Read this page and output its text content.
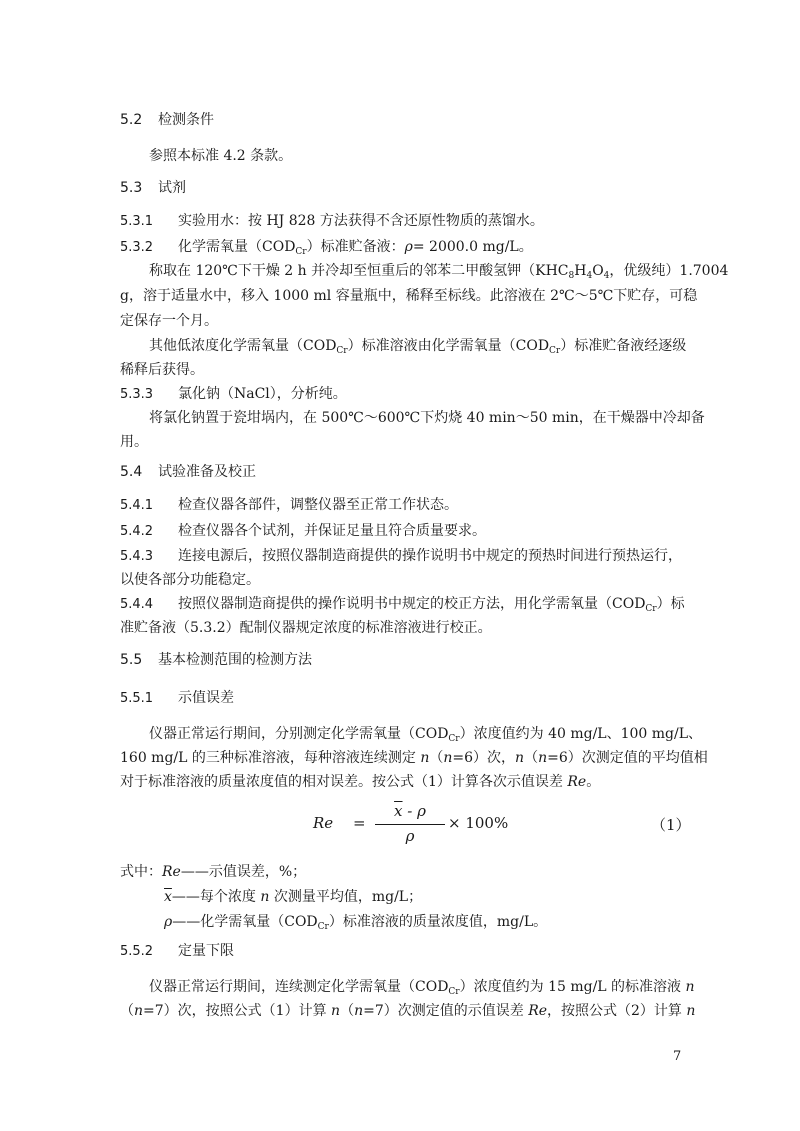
5.2 检测条件
参照本标准 4.2 条款。
5.3 试剂
5.3.1 实验用水：按 HJ 828 方法获得不含还原性物质的蒸馏水。
5.3.2 化学需氧量$(COD_{Cr})$标准贮备液：ρ= 2000.0 mg/L。
称取在 120℃下干燥 2 h 并冷却至恒重后的邻苯二甲酸氢钾（$KHC_8H_4O_4$，优级纯）1.7004
g，溶于适量水中，移入 1000 ml 容量瓶中，稀释至标线。此溶液在 2℃～5℃下贮存，可稳
定保存一个月。
其他低浓度化学需氧量$(COD_{Cr})$标准溶液由化学需氧量$(COD_{Cr})$标准贮备液经逐级
稀释后获得。
5.3.3 氯化钠（NaCl），分析纯。
将氯化钠置于瓷坩埚内，在 500℃～600℃下灼烧 40 min～50 min，在干燥器中冷却备
用。
5.4 试验准备及校正
5.4.1 检查仪器各部件，调整仪器至正常工作状态。
5.4.2 检查仪器各个试剂，并保证足量且符合质量要求。
5.4.3 连接电源后，按照仪器制造商提供的操作说明书中规定的预热时间进行预热运行，
以使各部分功能稳定。
5.4.4 按照仪器制造商提供的操作说明书中规定的校正方法，用化学需氧量$(COD_{Cr})$标
准贮备液（5.3.2）配制仪器规定浓度的标准溶液进行校正。
5.5 基本检测范围的检测方法
5.5.1 示值误差
仪器正常运行期间，分别测定化学需氧量$(COD_{Cr})$浓度值约为 40 mg/L、100 mg/L、
160 mg/L 的三种标准溶液，每种溶液连续测定 n（n=6）次，n（n=6）次测定值的平均值相
对于标准溶液的质量浓度值的相对误差。按公式（1）计算各次示值误差 Re。
Re =
$\overline{x}$ - ρ
ρ
× 100%	（1）
式中：Re——示值误差，%；
$\overline{x}——$每个浓度 n 次测量平均值，mg/L；
ρ——化学需氧量$(COD_{Cr})$标准溶液的质量浓度值，mg/L。
5.5.2 定量下限
仪器正常运行期间，连续测定化学需氧量$(COD_{Cr})$浓度值约为 15 mg/L 的标准溶液 n
（n=7）次，按照公式（1）计算 n（n=7）次测定值的示值误差 Re，按照公式（2）计算 n
7
